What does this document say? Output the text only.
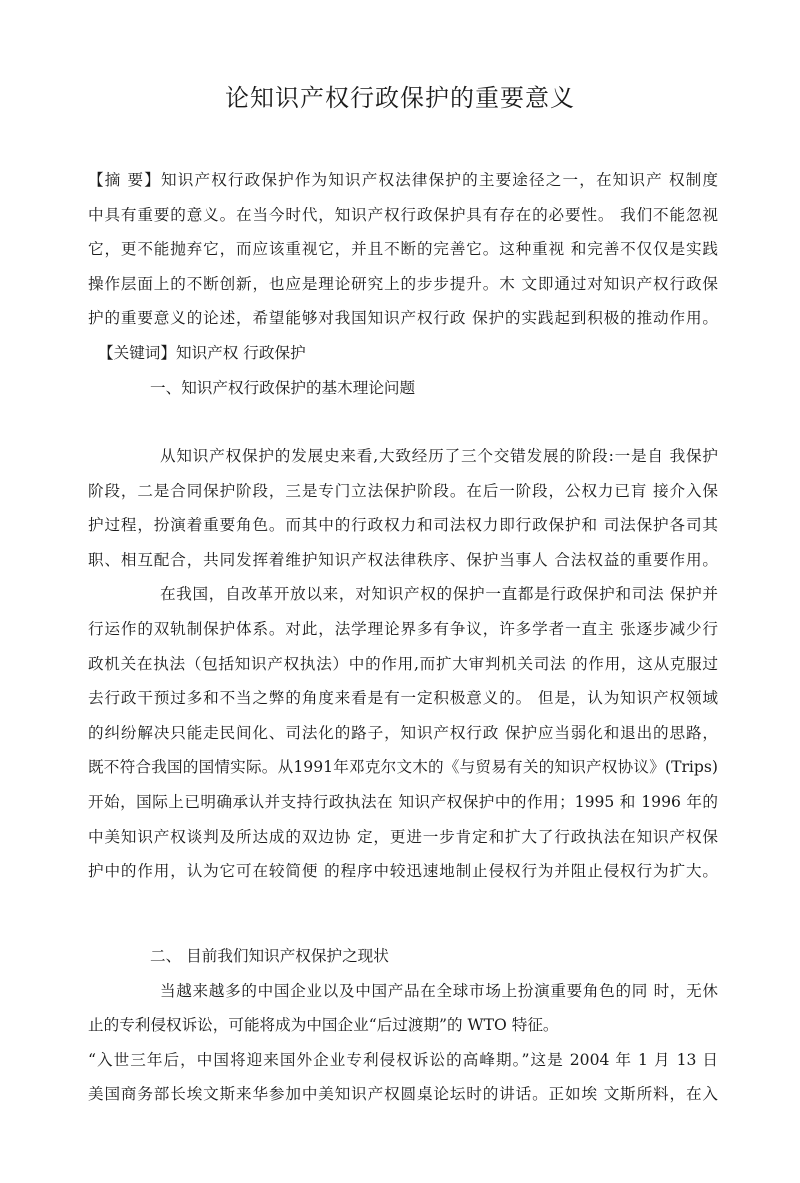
论知识产权行政保护的重要意义
【摘 要】知识产权行政保护作为知识产权法律保护的主要途径之一，在知识产 权制度
中具有重要的意义。在当今时代，知识产权行政保护具有存在的必要性。 我们不能忽视
它，更不能抛弃它，而应该重视它，并且不断的完善它。这种重视 和完善不仅仅是实践
操作层面上的不断创新，也应是理论研究上的步步提升。木 文即通过对知识产权行政保
护的重要意义的论述，希望能够对我国知识产权行政 保护的实践起到积极的推动作用。
【关键词】知识产权 行政保护
一、知识产权行政保护的基木理论问题
从知识产权保护的发展史来看,大致经历了三个交错发展的阶段:一是自 我保护
阶段，二是合同保护阶段，三是专门立法保护阶段。在后一阶段，公权力已肓 接介入保
护过程，扮演着重要角色。而其中的行政权力和司法权力即行政保护和 司法保护各司其
职、相互配合，共同发挥着维护知识产权法律秩序、保护当事人 合法权益的重要作用。
在我国，自改革开放以来，对知识产权的保护一直都是行政保护和司法 保护并
行运作的双轨制保护体系。对此，法学理论界多有争议，许多学者一直主 张逐步减少行
政机关在执法（包括知识产权执法）中的作用,而扩大审判机关司法 的作用，这从克服过
去行政干预过多和不当之弊的角度来看是有一定积极意义的。 但是，认为知识产权领域
的纠纷解决只能走民间化、司法化的路子，知识产权行政 保护应当弱化和退出的思路，
既不符合我国的国情实际。从1991年邓克尔文木的《与贸易有关的知识产权协议》(Trips)
开始，国际上已明确承认并支持行政执法在 知识产权保护中的作用；1995 和 1996 年的
中美知识产权谈判及所达成的双边协 定，更进一步肯定和扩大了行政执法在知识产权保
护中的作用，认为它可在较简便 的程序中较迅速地制止侵权行为并阻止侵权行为扩大。
二、 目前我们知识产权保护之现状
当越来越多的中国企业以及中国产品在全球市场上扮演重要角色的同 时，无休
止的专利侵权诉讼，可能将成为中国企业“后过渡期”的 WTO 特征。
“入世三年后，中国将迎来国外企业专利侵权诉讼的高峰期。”这是 2004 年 1 月 13 日
美国商务部长埃文斯来华参加中美知识产权圆桌论坛时的讲话。正如埃 文斯所料，在入
